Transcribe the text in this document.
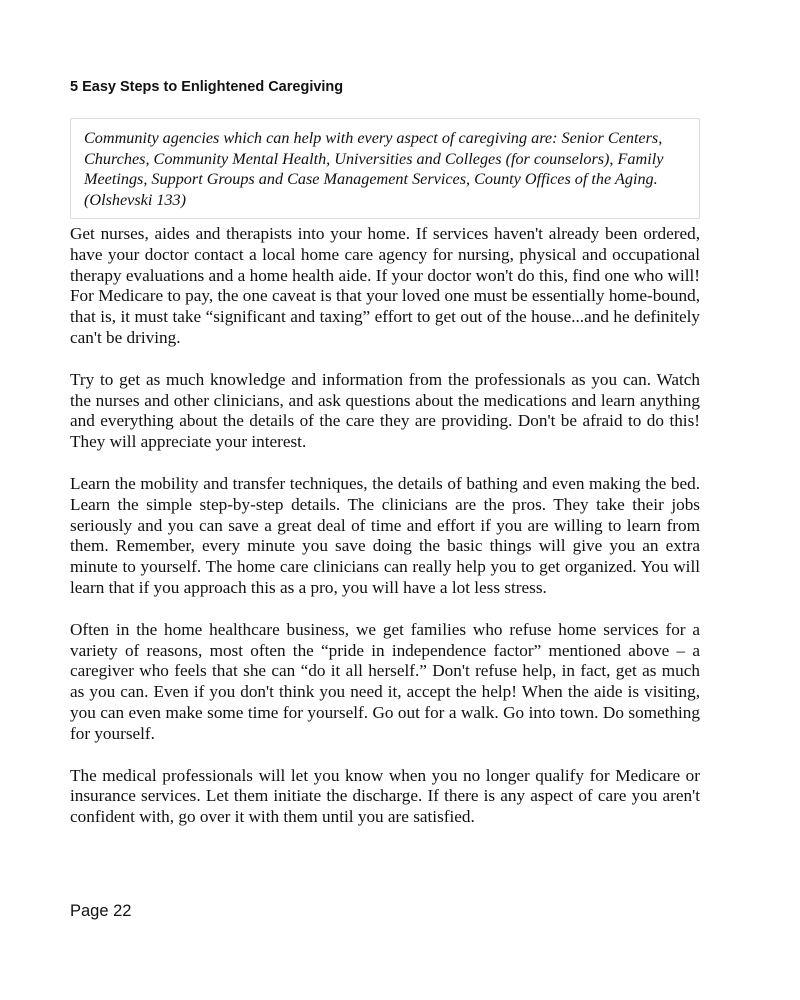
5 Easy Steps to Enlightened Caregiving
Community agencies which can help with every aspect of caregiving are: Senior Centers, Churches, Community Mental Health, Universities and Colleges (for counselors), Family Meetings, Support Groups and Case Management Services, County Offices of the Aging. (Olshevski 133)

Get nurses, aides and therapists into your home. If services haven't already been ordered, have your doctor contact a local home care agency for nursing, physical and occupational therapy evaluations and a home health aide. If your doctor won't do this, find one who will! For Medicare to pay, the one caveat is that your loved one must be essentially home-bound, that is, it must take “significant and taxing” effort to get out of the house...and he definitely can't be driving.

Try to get as much knowledge and information from the professionals as you can. Watch the nurses and other clinicians, and ask questions about the medications and learn anything and everything about the details of the care they are providing. Don't be afraid to do this! They will appreciate your interest.

Learn the mobility and transfer techniques, the details of bathing and even making the bed. Learn the simple step-by-step details. The clinicians are the pros. They take their jobs seriously and you can save a great deal of time and effort if you are willing to learn from them. Remember, every minute you save doing the basic things will give you an extra minute to yourself. The home care clinicians can really help you to get organized. You will learn that if you approach this as a pro, you will have a lot less stress.

Often in the home healthcare business, we get families who refuse home services for a variety of reasons, most often the “pride in independence factor” mentioned above – a caregiver who feels that she can “do it all herself.” Don't refuse help, in fact, get as much as you can. Even if you don't think you need it, accept the help! When the aide is visiting, you can even make some time for yourself. Go out for a walk. Go into town. Do something for yourself.

The medical professionals will let you know when you no longer qualify for Medicare or insurance services. Let them initiate the discharge. If there is any aspect of care you aren't confident with, go over it with them until you are satisfied.

Page 22
